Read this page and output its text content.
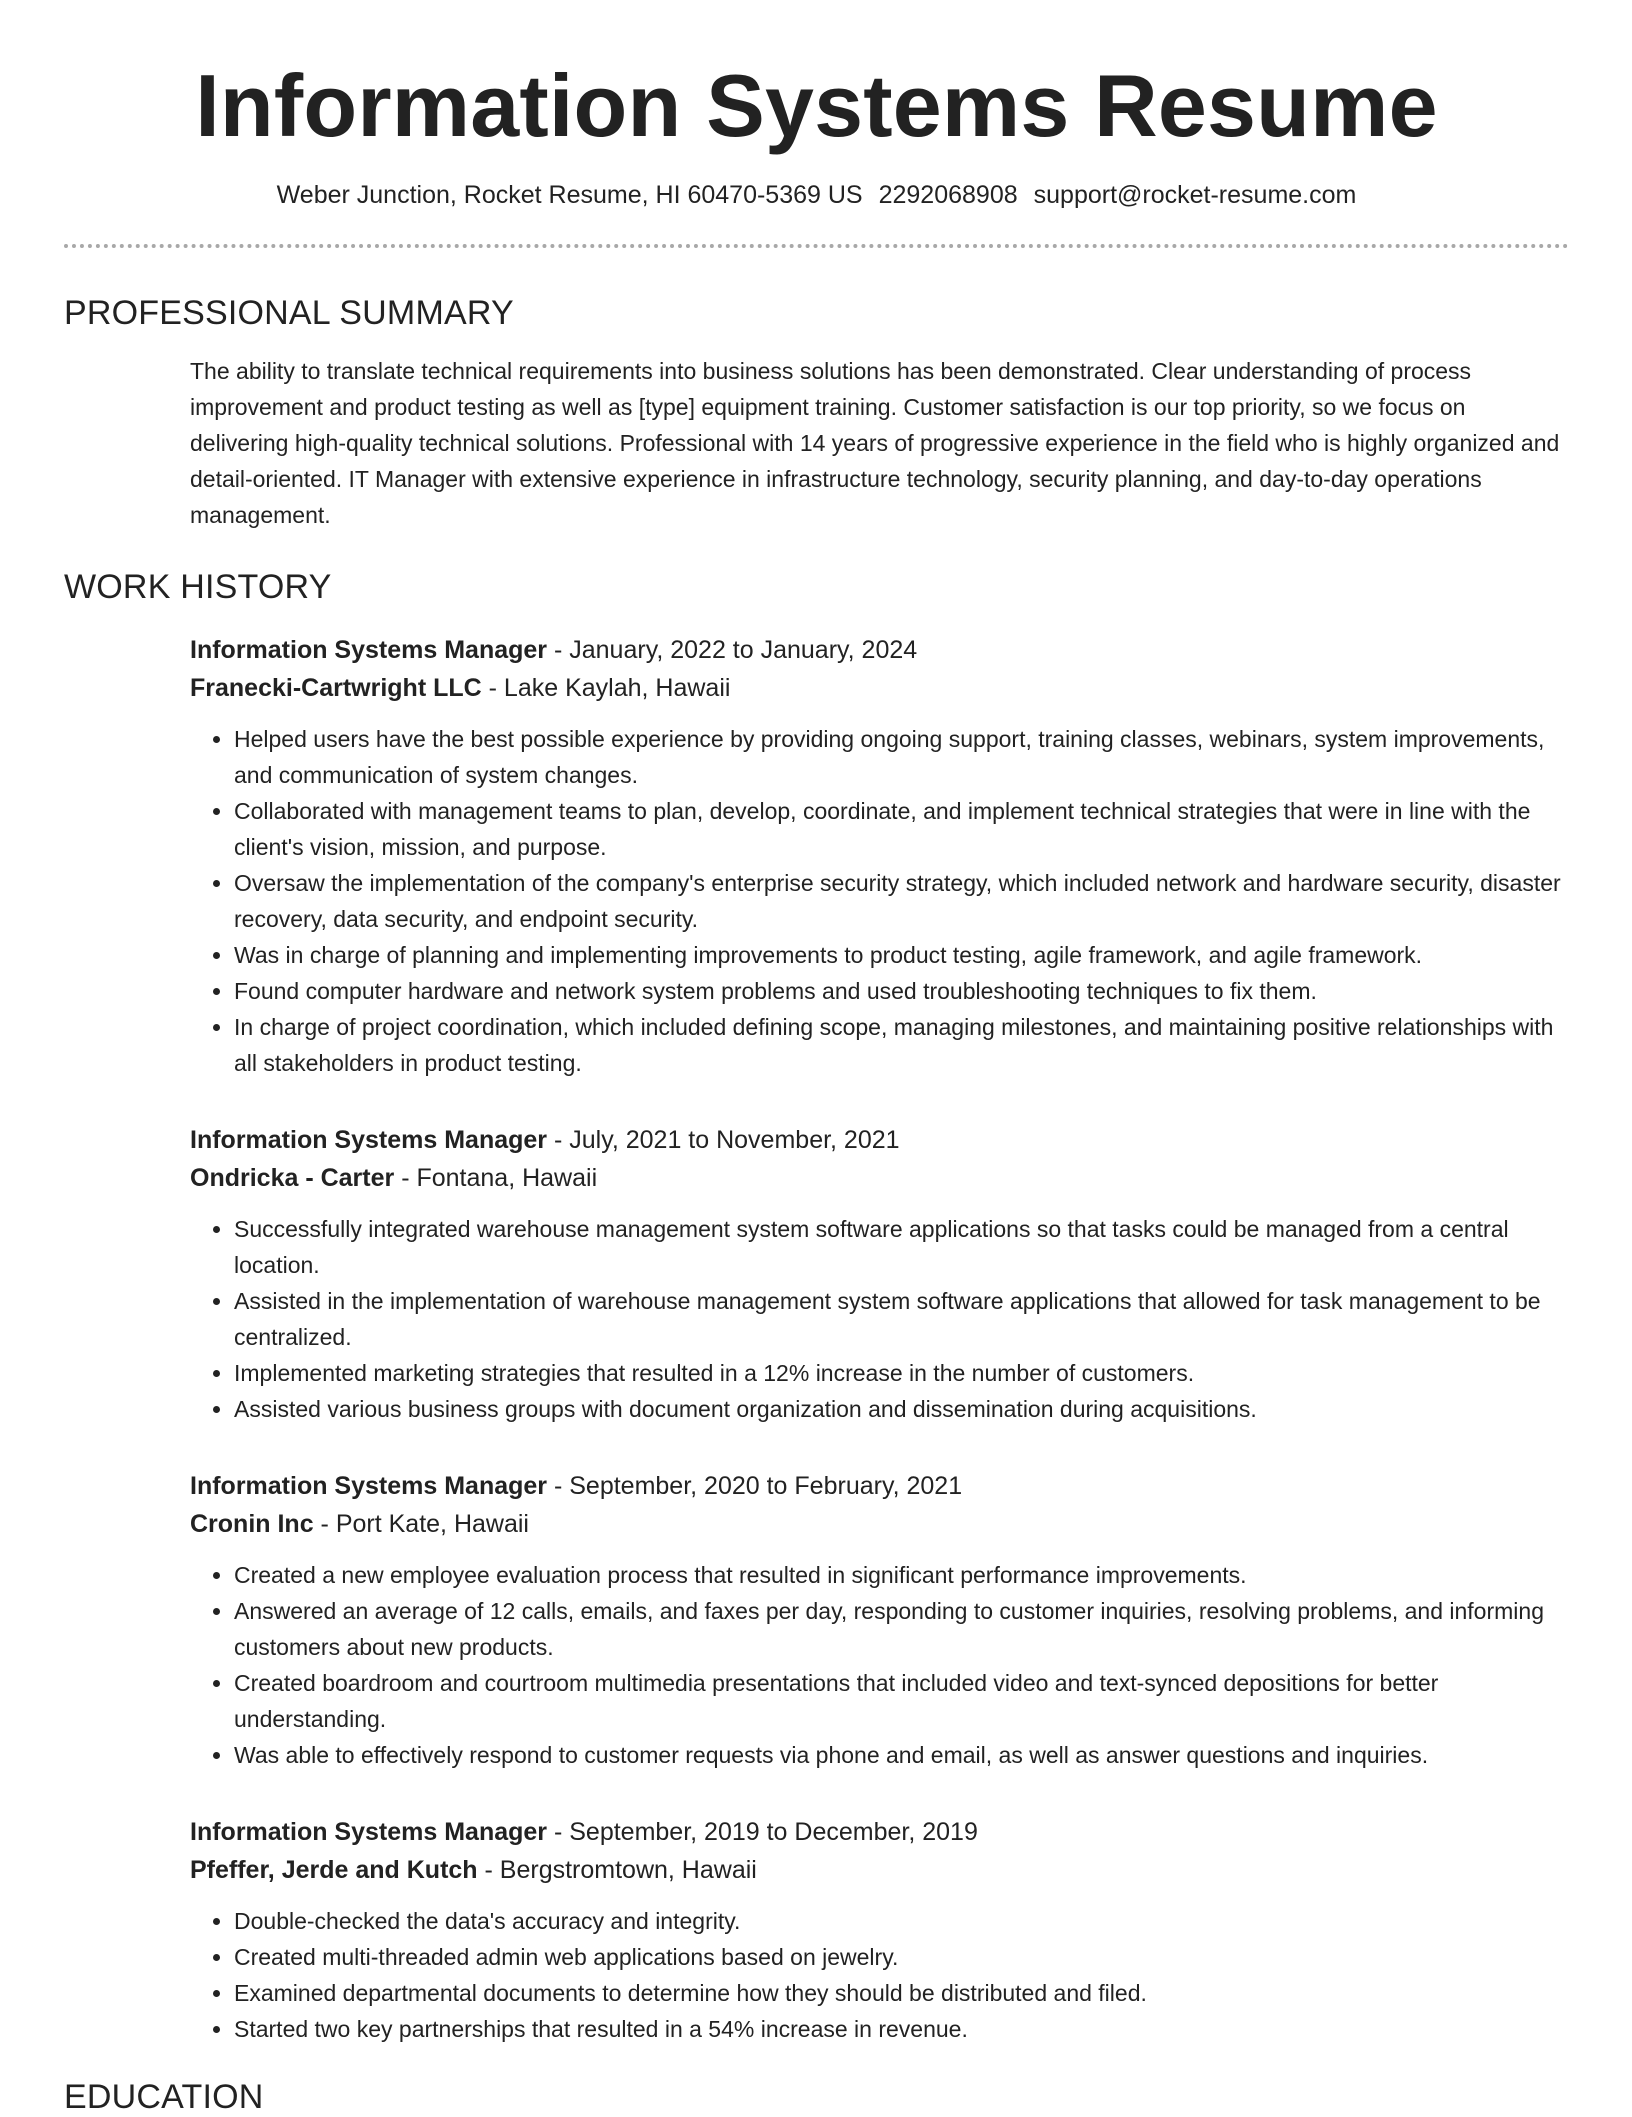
Information Systems Resume
Weber Junction, Rocket Resume, HI 60470-5369 US 2292068908 support@rocket-resume.com
PROFESSIONAL SUMMARY

The ability to translate technical requirements into business solutions has been demonstrated. Clear understanding of process improvement and product testing as well as [type] equipment training. Customer satisfaction is our top priority, so we focus on delivering high-quality technical solutions. Professional with 14 years of progressive experience in the field who is highly organized and detail-oriented. IT Manager with extensive experience in infrastructure technology, security planning, and day-to-day operations management.

WORK HISTORY
Information Systems Manager - January, 2022 to January, 2024
Franecki-Cartwright LLC - Lake Kaylah, Hawaii
• Helped users have the best possible experience by providing ongoing support, training classes, webinars, system improvements, and communication of system changes.
• Collaborated with management teams to plan, develop, coordinate, and implement technical strategies that were in line with the client's vision, mission, and purpose.
• Oversaw the implementation of the company's enterprise security strategy, which included network and hardware security, disaster recovery, data security, and endpoint security.
• Was in charge of planning and implementing improvements to product testing, agile framework, and agile framework.
• Found computer hardware and network system problems and used troubleshooting techniques to fix them.
• In charge of project coordination, which included defining scope, managing milestones, and maintaining positive relationships with all stakeholders in product testing.
Information Systems Manager - July, 2021 to November, 2021
Ondricka - Carter - Fontana, Hawaii
• Successfully integrated warehouse management system software applications so that tasks could be managed from a central location.
• Assisted in the implementation of warehouse management system software applications that allowed for task management to be centralized.
• Implemented marketing strategies that resulted in a 12% increase in the number of customers.
• Assisted various business groups with document organization and dissemination during acquisitions.
Information Systems Manager - September, 2020 to February, 2021
Cronin Inc - Port Kate, Hawaii
• Created a new employee evaluation process that resulted in significant performance improvements.
• Answered an average of 12 calls, emails, and faxes per day, responding to customer inquiries, resolving problems, and informing customers about new products.
• Created boardroom and courtroom multimedia presentations that included video and text-synced depositions for better understanding.
• Was able to effectively respond to customer requests via phone and email, as well as answer questions and inquiries.
Information Systems Manager - September, 2019 to December, 2019
Pfeffer, Jerde and Kutch - Bergstromtown, Hawaii
• Double-checked the data's accuracy and integrity.
• Created multi-threaded admin web applications based on jewelry.
• Examined departmental documents to determine how they should be distributed and filed.
• Started two key partnerships that resulted in a 54% increase in revenue.
EDUCATION
